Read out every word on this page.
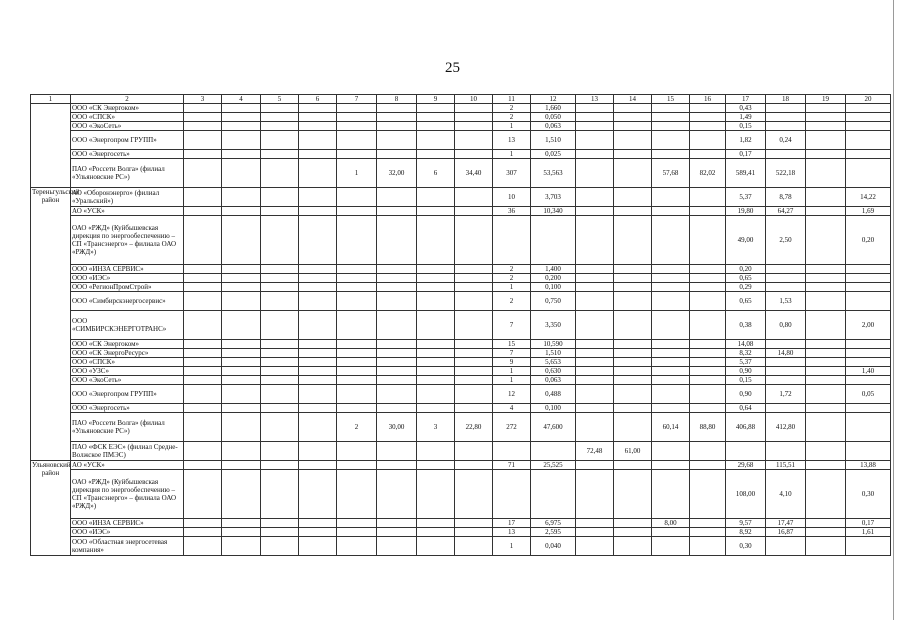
25
1	2	3	4	5	6	7	8	9	10	11	12	13	14	15	16	17	18	19	20
	ООО «СК Энергоком»									2	1,660					0,43			
	ООО «СПСК»									2	0,050					1,49			
	ООО «ЭкоСеть»									1	0,063					0,15			
	ООО «Энергопром ГРУПП»									13	1,510					1,82	0,24		
	ООО «Энергосеть»									1	0,025					0,17			
	ПАО «Россети Волга» (филиал «Ульяновские РС»)					1	32,00	6	34,40	307	53,563			57,68	82,02	589,41	522,18		
Тереньгульский район	АО «Оборонэнерго» (филиал «Уральский»)									10	3,703					5,37	8,78		14,22
	АО «УСК»									36	10,340					19,80	64,27		1,69
	ОАО «РЖД» (Куйбышевская дирекция по энергообеспечению – СП «Трансэнерго» – филиала ОАО «РЖД»)															49,00	2,50		0,20
	ООО «ИНЗА СЕРВИС»									2	1,400					0,20			
	ООО «ИЭС»									2	0,200					0,65			
	ООО «РегионПромСтрой»									1	0,100					0,29			
	ООО «Симбирскэнергосервис»									2	0,750					0,65	1,53		
	ООО «СИМБИРСКЭНЕРГОТРАНС»									7	3,350					0,38	0,80		2,00
	ООО «СК Энергоком»									15	10,590					14,08			
	ООО «СК ЭнергоРесурс»									7	1,510					8,32	14,80		
	ООО «СПСК»									9	5,653					5,37			
	ООО «УЗС»									1	0,630					0,90			1,40
	ООО «ЭкоСеть»									1	0,063					0,15			
	ООО «Энергопром ГРУПП»									12	0,488					0,90	1,72		0,05
	ООО «Энергосеть»									4	0,100					0,64			
	ПАО «Россети Волга» (филиал «Ульяновские РС»)					2	30,00	3	22,80	272	47,600			60,14	88,80	406,88	412,80		
	ПАО «ФСК ЕЭС» (филиал Средне-Волжское ПМЭС)											72,48	61,00						
Ульяновский район	АО «УСК»									71	25,525					29,68	115,51		13,88
	ОАО «РЖД» (Куйбышевская дирекция по энергообеспечению – СП «Трансэнерго» – филиала ОАО «РЖД»)															108,00	4,10		0,30
	ООО «ИНЗА СЕРВИС»									17	6,975			8,00		9,57	17,47		0,17
	ООО «ИЭС»									13	2,595					8,92	16,87		1,61
	ООО «Областная энергосетевая компания»									1	0,040					0,30			
